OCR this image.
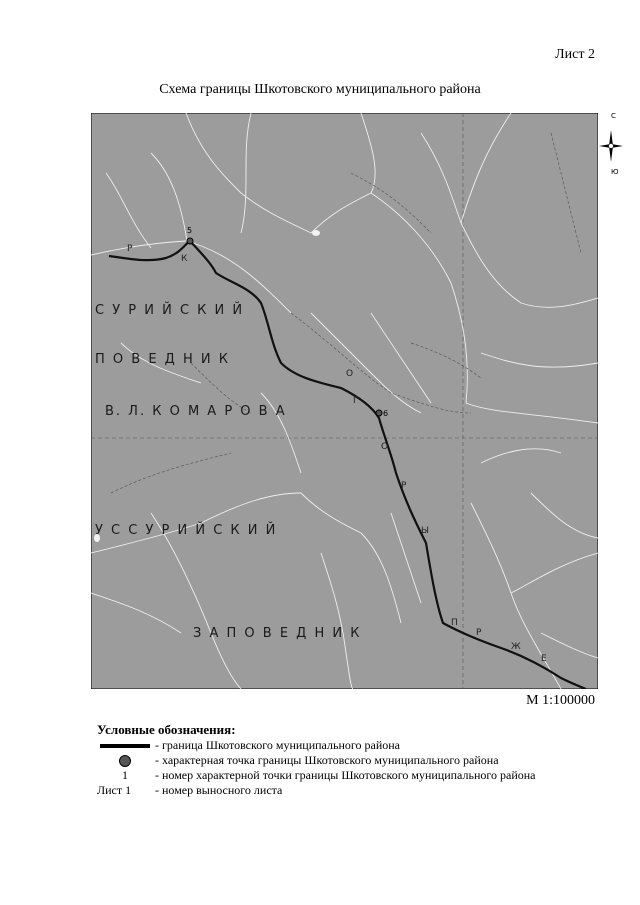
Лист 2
Схема границы Шкотовского муниципального района
5
6
Р
К
О
Г
О
Р
Ы
П
Р
Ж
Е
С У Р И Й С К И Й
П О В Е Д Н И К
В. Л. К О М А Р О В А
У С С У Р И Й С К И Й
З А П О В Е Д Н И К
С
Ю
М 1:100000
Условные обозначения:
- граница Шкотовского муниципального района
- характерная точка границы Шкотовского муниципального района
1 - номер характерной точки границы Шкотовского муниципального района
Лист 1	- номер выносного листа
